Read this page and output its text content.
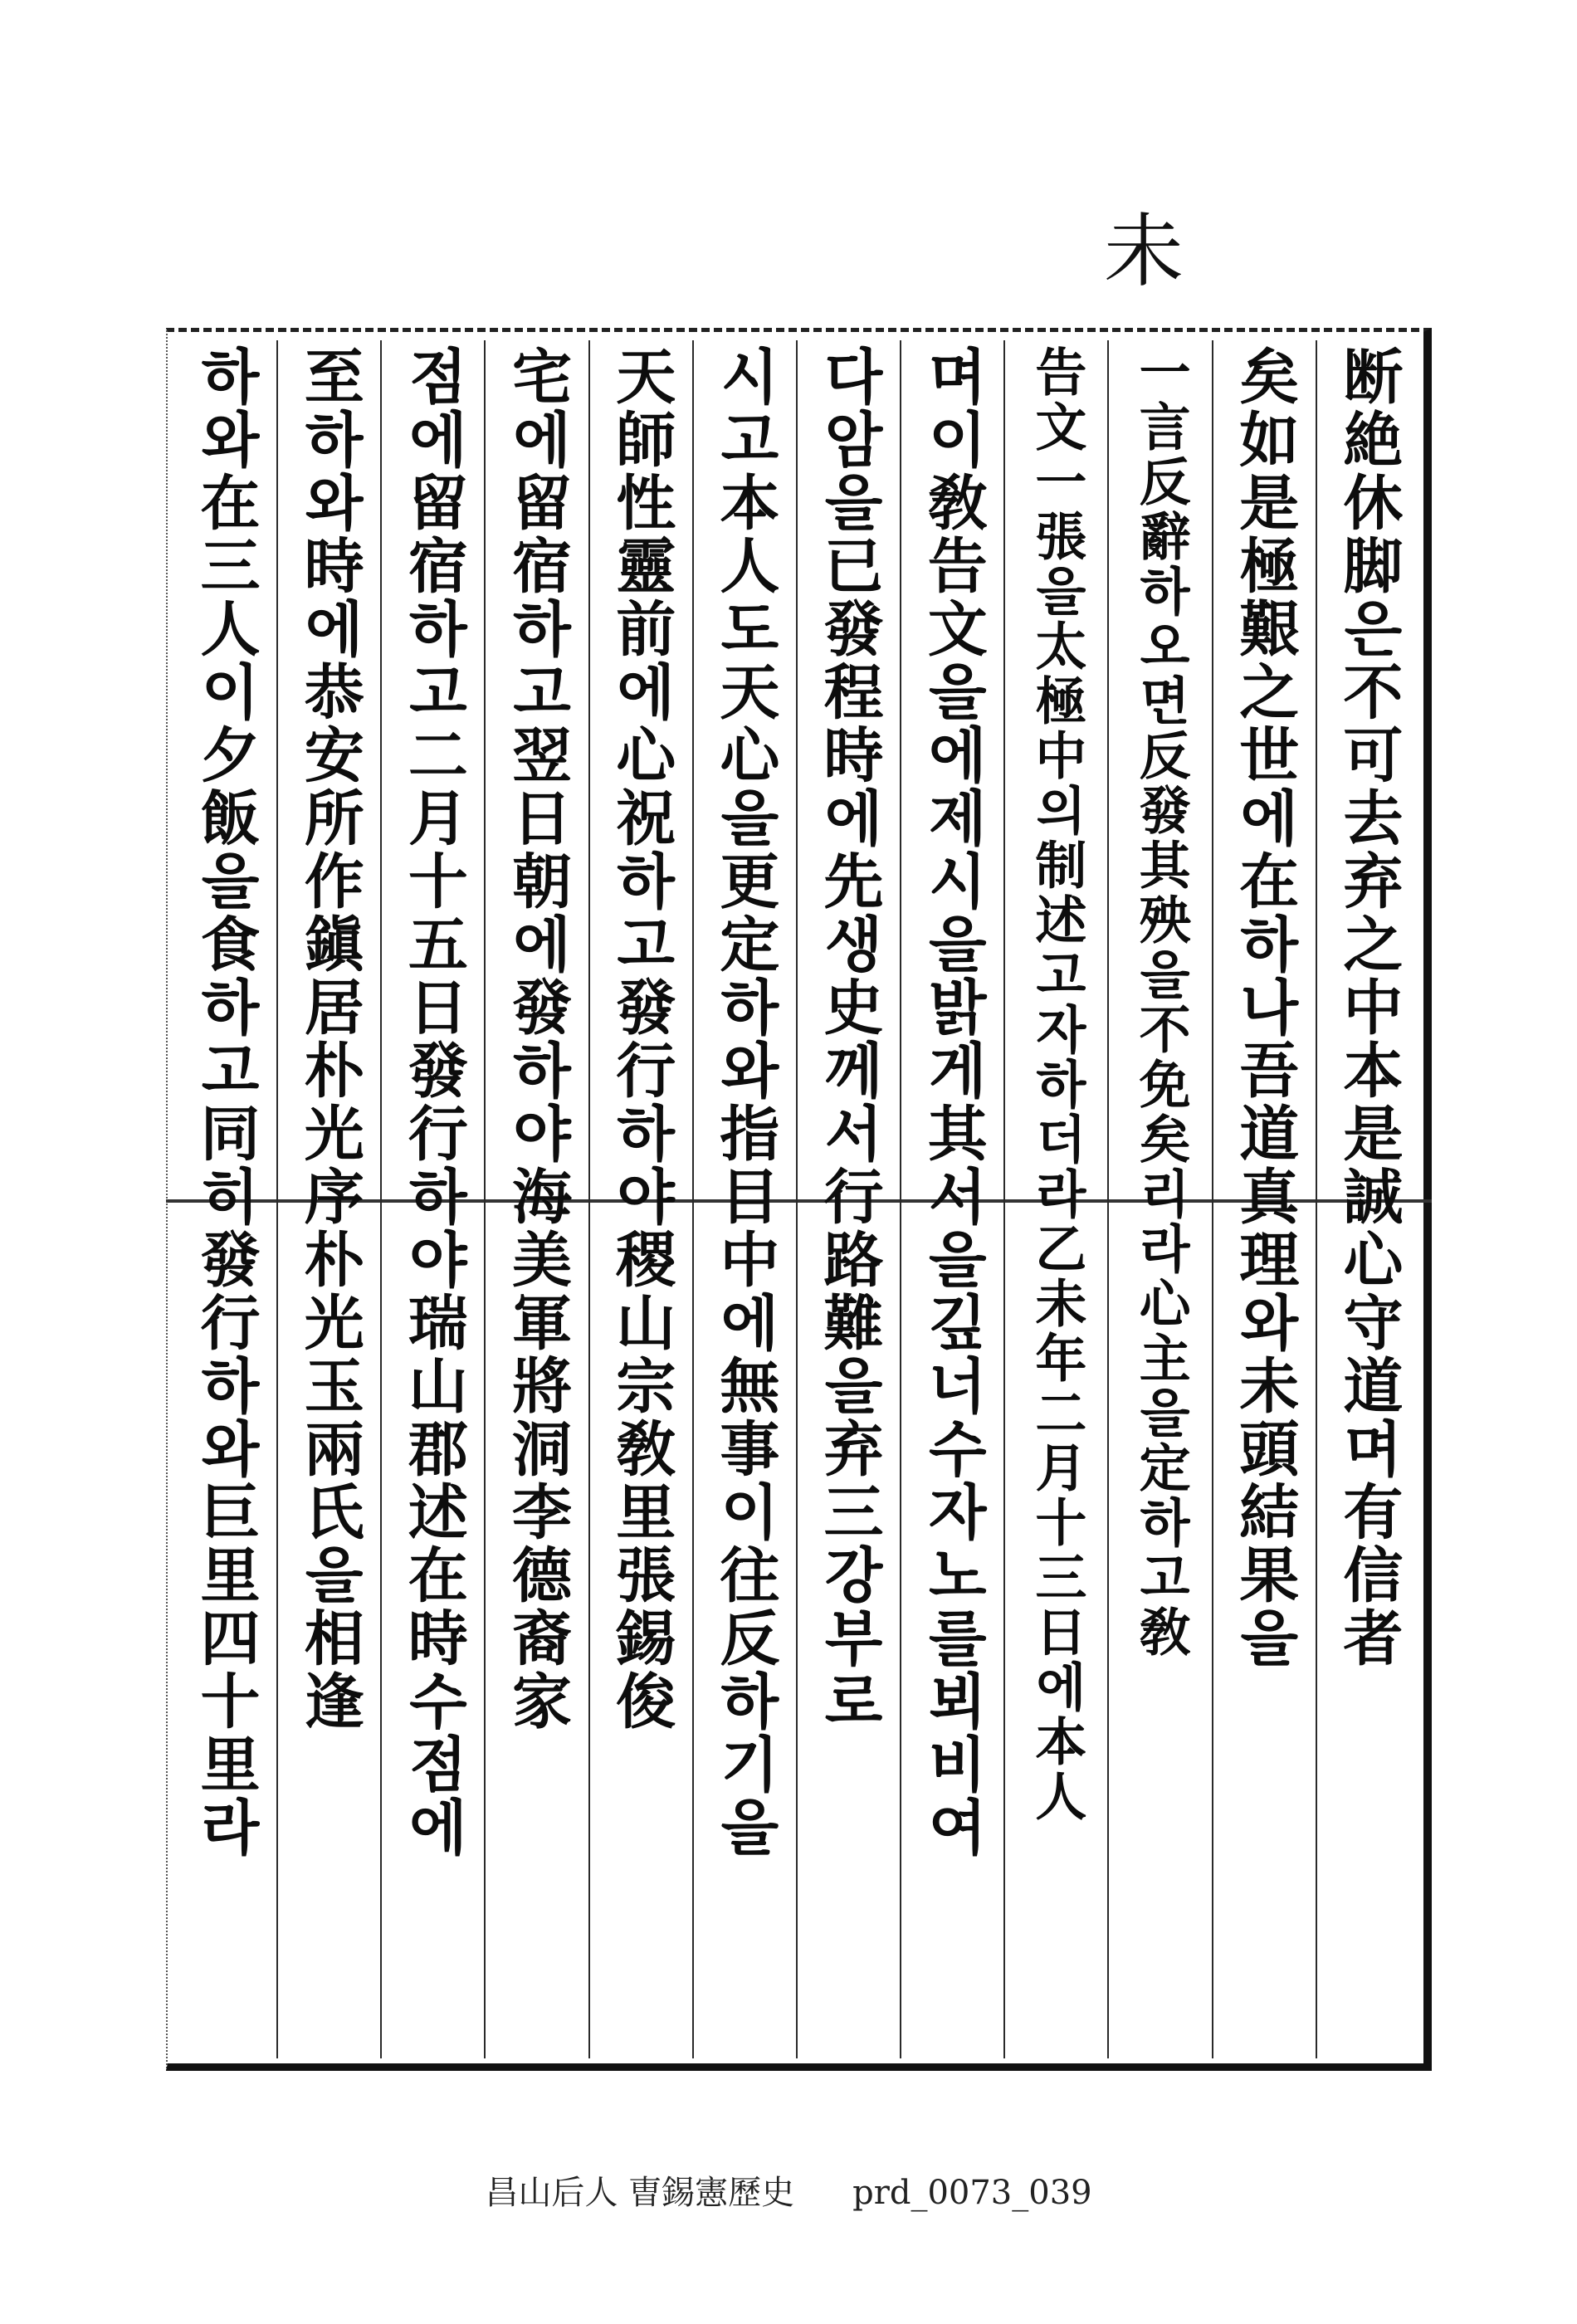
未
断絶休脚은不可去弃之中本是誠心守道며有信者
矣如是極艱之世에在하나吾道真理와未頭結果을
一言反辭하오면反發其殃을不免矣리라心主을定하고敎
告文一張을太極中의制述고자하더라乙未年二月十三日에本人
며이敎告文을에제시을밝게其서을깊너수자노를뵈비여
다암을已發程時에先생史께서行路難을弃三강부로
시고本人도天心을更定하와指目中에無事이往反하기을
天師性靈前에心祝하고發行하야稷山宗敎里張錫俊
宅에留宿하고翌日朝에發하야海美軍將洞李德裔家
점에留宿하고二月十五日發行하야瑞山郡述在時수점에
至하와時에恭安所作鎭居朴光序朴光玉兩氏을相逢
하와在三人이夕飯을食하고同히發行하와巨里四十里라
昌山后人 曺錫憲歷史 prd_0073_039
